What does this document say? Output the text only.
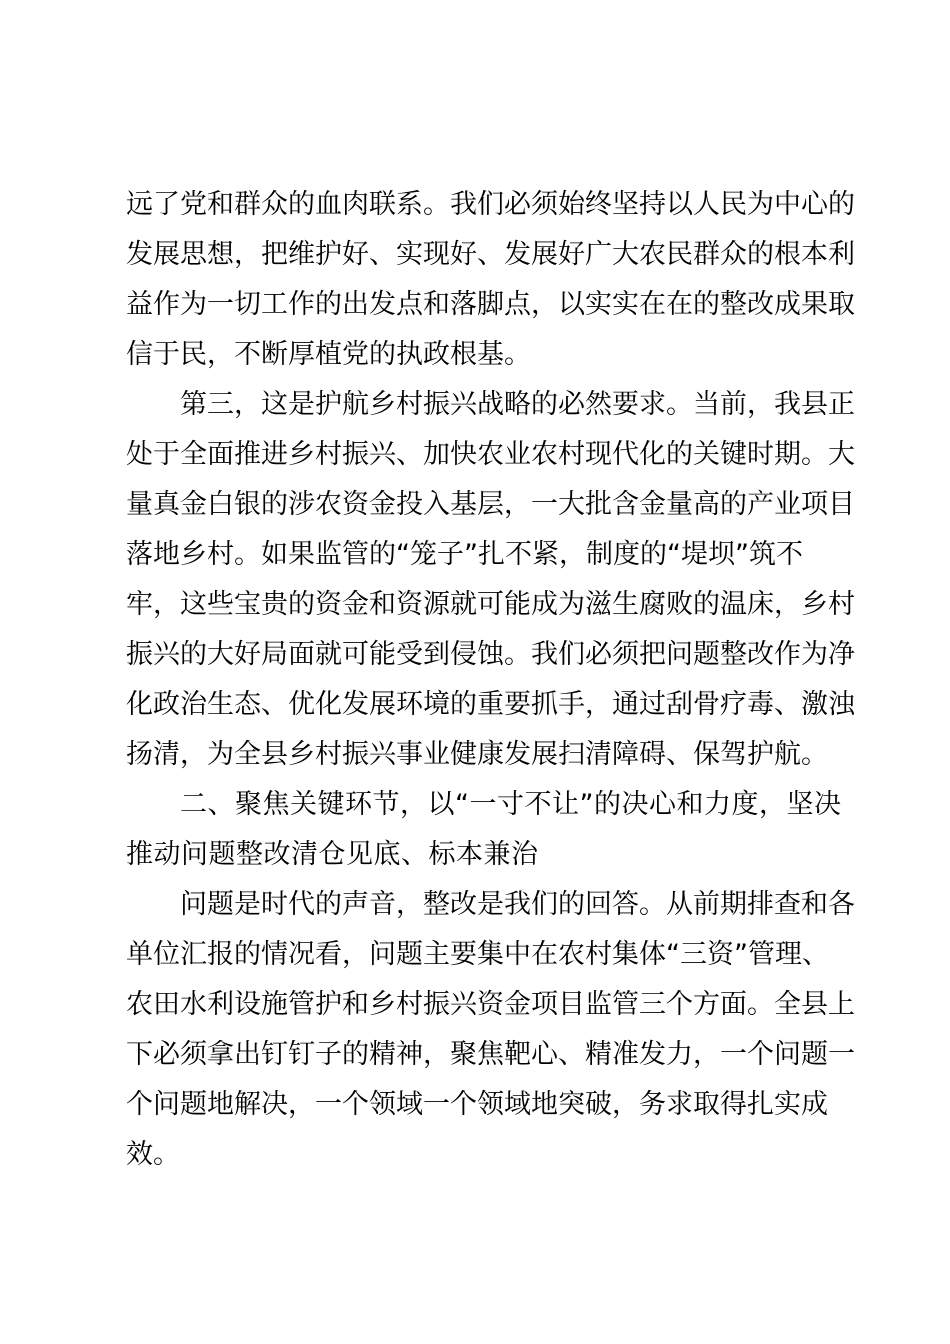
远了党和群众的血肉联系。我们必须始终坚持以人民为中心的
发展思想，把维护好、实现好、发展好广大农民群众的根本利
益作为一切工作的出发点和落脚点，以实实在在的整改成果取
信于民，不断厚植党的执政根基。
第三，这是护航乡村振兴战略的必然要求。当前，我县正
处于全面推进乡村振兴、加快农业农村现代化的关键时期。大
量真金白银的涉农资金投入基层，一大批含金量高的产业项目
落地乡村。如果监管的“笼子”扎不紧，制度的“堤坝”筑不
牢，这些宝贵的资金和资源就可能成为滋生腐败的温床，乡村
振兴的大好局面就可能受到侵蚀。我们必须把问题整改作为净
化政治生态、优化发展环境的重要抓手，通过刮骨疗毒、激浊
扬清，为全县乡村振兴事业健康发展扫清障碍、保驾护航。
二、聚焦关键环节，以“一寸不让”的决心和力度，坚决
推动问题整改清仓见底、标本兼治
问题是时代的声音，整改是我们的回答。从前期排查和各
单位汇报的情况看，问题主要集中在农村集体“三资”管理、
农田水利设施管护和乡村振兴资金项目监管三个方面。全县上
下必须拿出钉钉子的精神，聚焦靶心、精准发力，一个问题一
个问题地解决，一个领域一个领域地突破，务求取得扎实成
效。
